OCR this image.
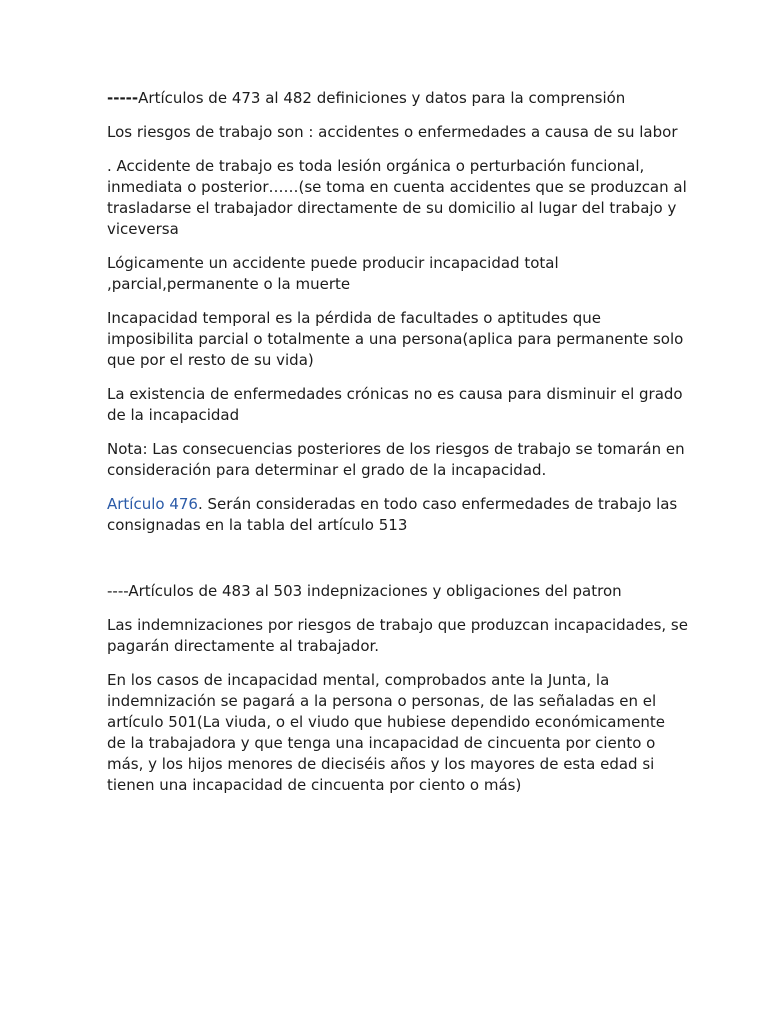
-----Artículos de 473 al 482 definiciones y datos para la comprensión

Los riesgos de trabajo son : accidentes o enfermedades a causa de su labor

. Accidente de trabajo es toda lesión orgánica o perturbación funcional, inmediata o posterior……(se toma en cuenta accidentes que se produzcan al trasladarse el trabajador directamente de su domicilio al lugar del trabajo y viceversa

Lógicamente un accidente puede producir incapacidad total ,parcial,permanente o la muerte

Incapacidad temporal es la pérdida de facultades o aptitudes que imposibilita parcial o totalmente a una persona(aplica para permanente solo que por el resto de su vida)

La existencia de enfermedades crónicas no es causa para disminuir el grado de la incapacidad

Nota: Las consecuencias posteriores de los riesgos de trabajo se tomarán en consideración para determinar el grado de la incapacidad.

Artículo 476. Serán consideradas en todo caso enfermedades de trabajo las consignadas en la tabla del artículo 513

----Artículos de 483 al 503 indepnizaciones y obligaciones del patron

Las indemnizaciones por riesgos de trabajo que produzcan incapacidades, se pagarán directamente al trabajador.

En los casos de incapacidad mental, comprobados ante la Junta, la indemnización se pagará a la persona o personas, de las señaladas en el artículo 501(La viuda, o el viudo que hubiese dependido económicamente de la trabajadora y que tenga una incapacidad de cincuenta por ciento o más, y los hijos menores de dieciséis años y los mayores de esta edad si tienen una incapacidad de cincuenta por ciento o más)
